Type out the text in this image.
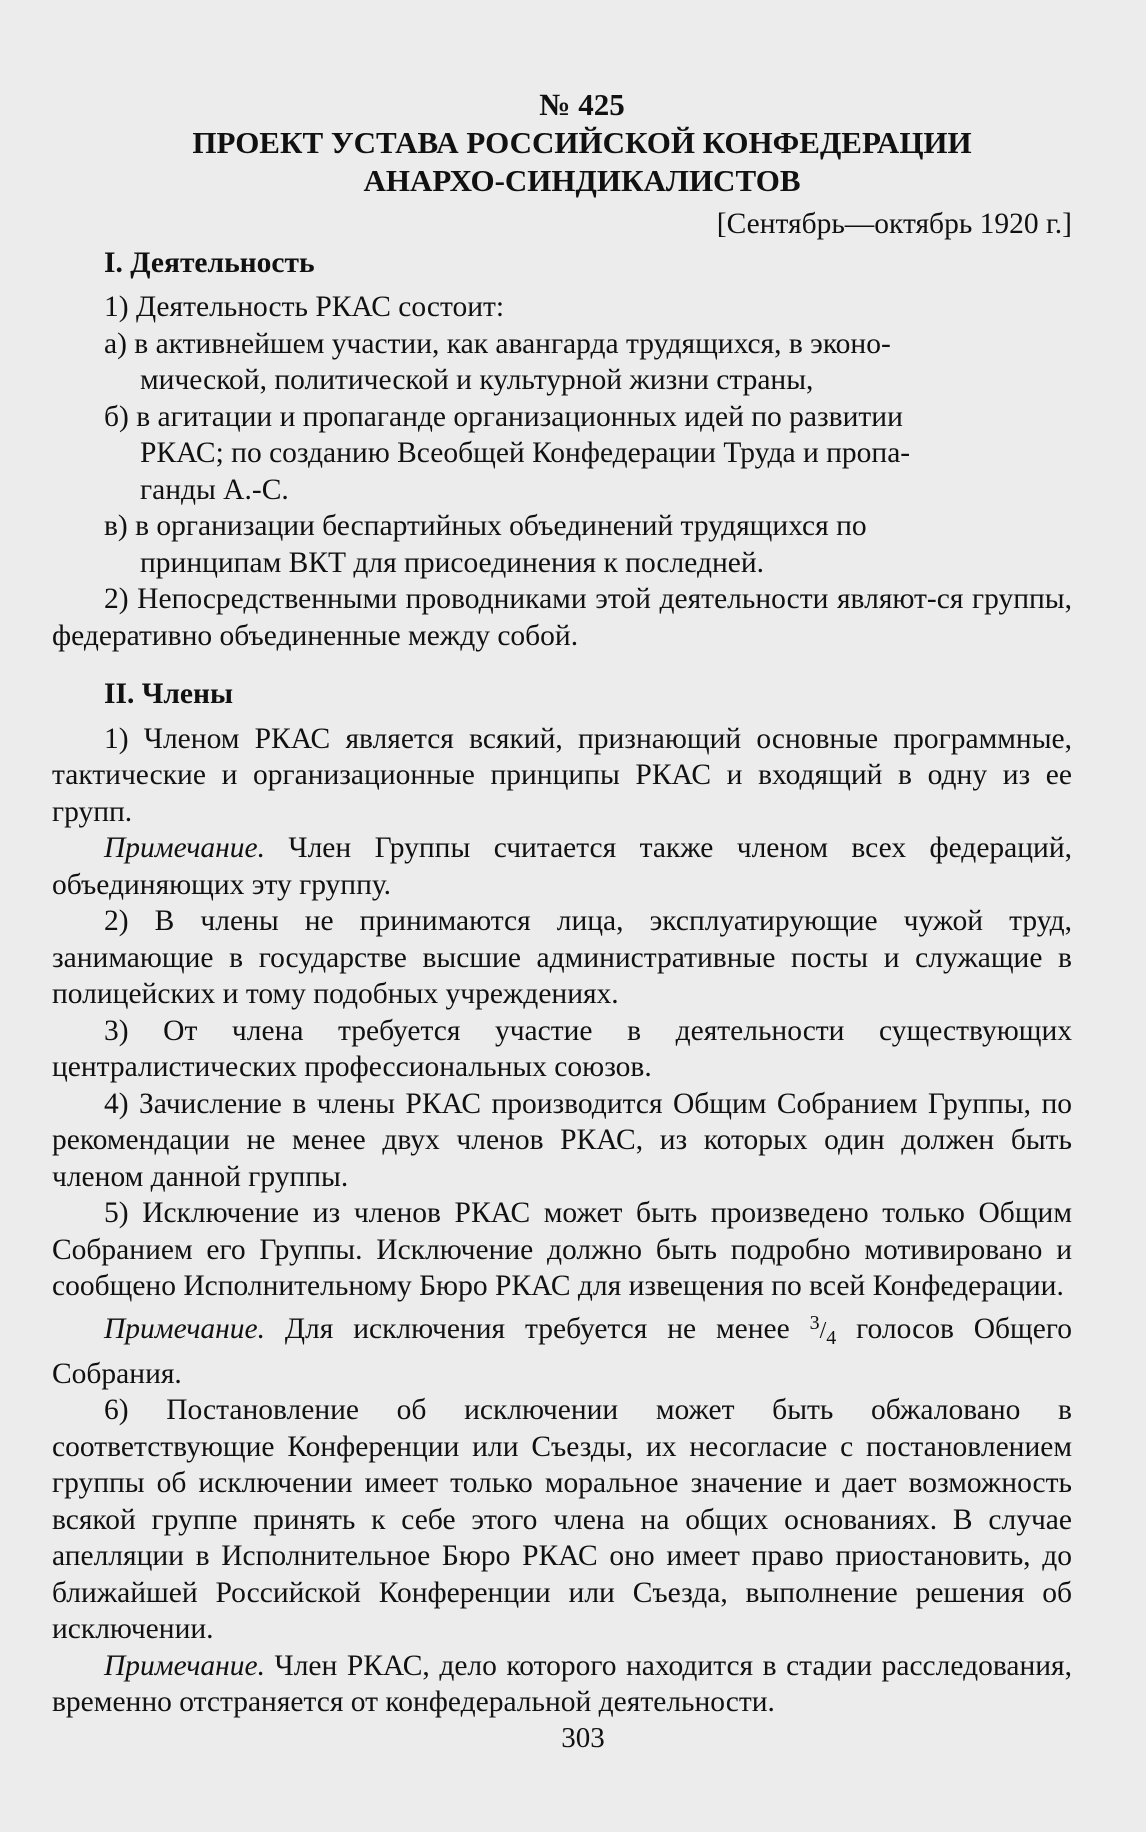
№ 425
ПРОЕКТ УСТАВА РОССИЙСКОЙ КОНФЕДЕРАЦИИ
АНАРХО-СИНДИКАЛИСТОВ
[Сентябрь—октябрь 1920 г.]
I. Деятельность

1) Деятельность РКАС состоит:

а) в активнейшем участии, как авангарда трудящихся, в эконо-
мической, политической и культурной жизни страны,

б) в агитации и пропаганде организационных идей по развитии
РКАС; по созданию Всеобщей Конфедерации Труда и пропа-
ганды А.-С.

в) в организации беспартийных объединений трудящихся по
принципам ВКТ для присоединения к последней.

2) Непосредственными проводниками этой деятельности являют-ся группы, федеративно объединенные между собой.

II. Члены

1) Членом РКАС является всякий, признающий основные программные, тактические и организационные принципы РКАС и входящий в одну из ее групп.

Примечание. Член Группы считается также членом всех федераций, объединяющих эту группу.

2) В члены не принимаются лица, эксплуатирующие чужой труд, занимающие в государстве высшие административные посты и служащие в полицейских и тому подобных учреждениях.

3) От члена требуется участие в деятельности существующих централистических профессиональных союзов.

4) Зачисление в члены РКАС производится Общим Собранием Группы, по рекомендации не менее двух членов РКАС, из которых один должен быть членом данной группы.

5) Исключение из членов РКАС может быть произведено только Общим Собранием его Группы. Исключение должно быть подробно мотивировано и сообщено Исполнительному Бюро РКАС для извещения по всей Конфедерации.

Примечание. Для исключения требуется не менее $^3/_4$ голосов Общего Собрания.

6) Постановление об исключении может быть обжаловано в соответствующие Конференции или Съезды, их несогласие с постановлением группы об исключении имеет только моральное значение и дает возможность всякой группе принять к себе этого члена на общих основаниях. В случае апелляции в Исполнительное Бюро РКАС оно имеет право приостановить, до ближайшей Российской Конференции или Съезда, выполнение решения об исключении.

Примечание. Член РКАС, дело которого находится в стадии расследования, временно отстраняется от конфедеральной деятельности.

303
